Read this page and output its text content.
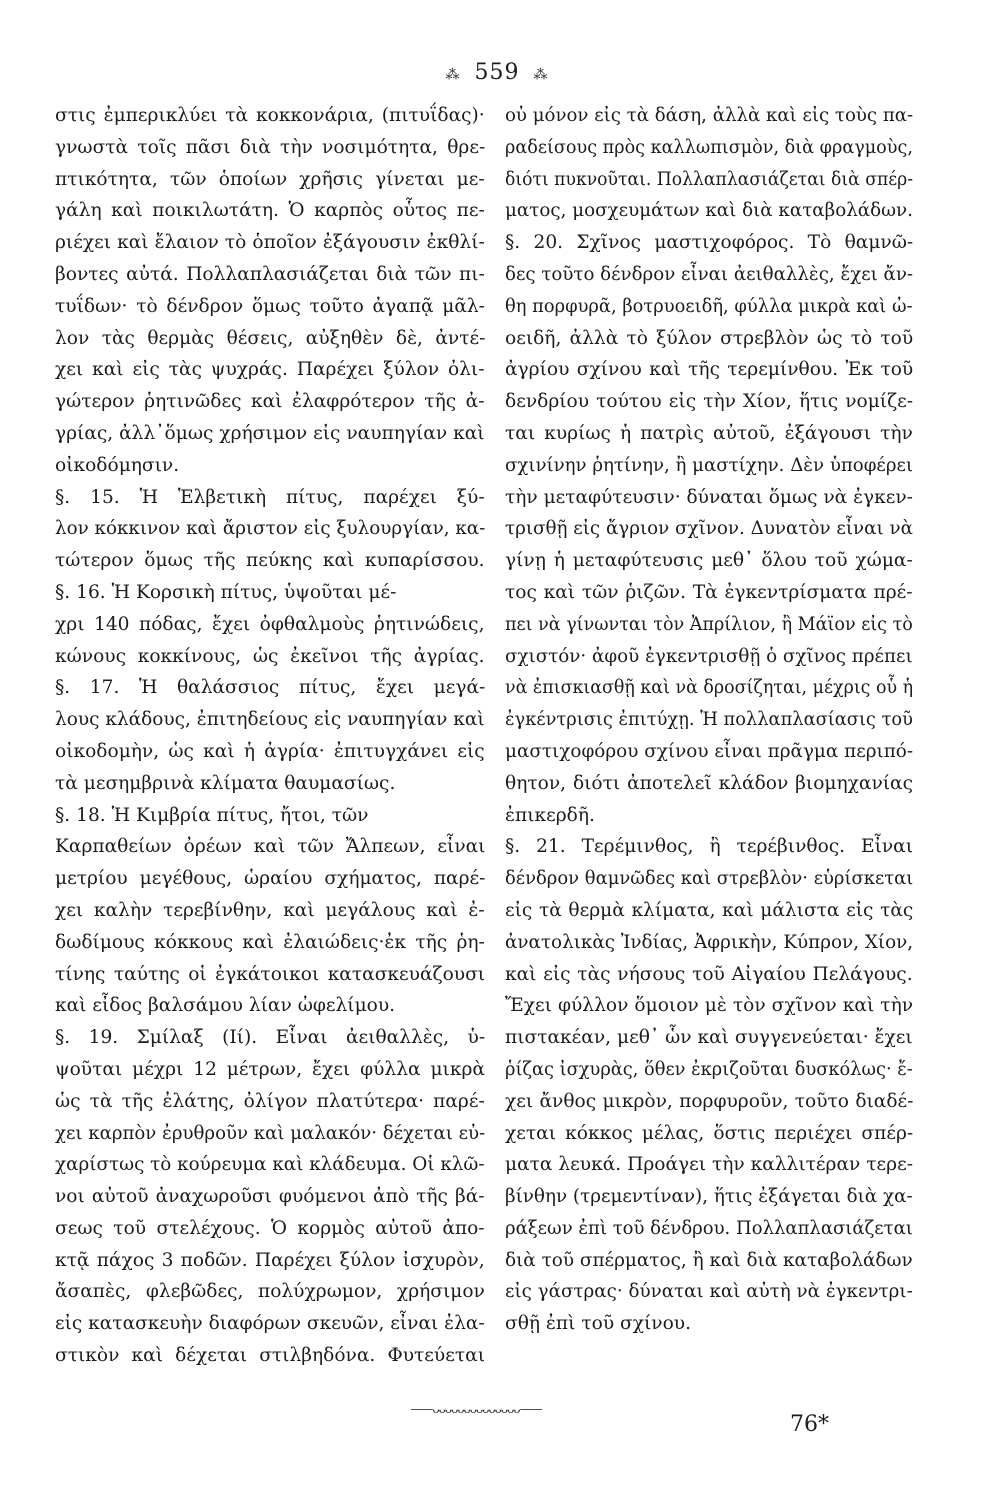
⁂ 559 ⁂
στις ἐμπερικλύει τὰ κοκκονάρια, (πιτυΐδας)·
γνωστὰ τοῖς πᾶσι διὰ τὴν νοσιμότητα, θρε-
πτικότητα, τῶν ὁποίων χρῆσις γίνεται με-
γάλη καὶ ποικιλωτάτη. Ὁ καρπὸς οὗτος πε-
ριέχει καὶ ἔλαιον τὸ ὁποῖον ἐξάγουσιν ἐκθλί-
βοντες αὐτά. Πολλαπλασιάζεται διὰ τῶν πι-
τυΐδων· τὸ δένδρον ὅμως τοῦτο ἀγαπᾷ μᾶλ-
λον τὰς θερμὰς θέσεις, αὐξηθὲν δὲ, ἀντέ-
χει καὶ εἰς τὰς ψυχράς. Παρέχει ξύλον ὀλι-
γώτερον ῥητινῶδες καὶ ἐλαφρότερον τῆς ἀ-
γρίας, ἀλλ᾽ὅμως χρήσιμον εἰς ναυπηγίαν καὶ
οἰκοδόμησιν.
§. 15. Ἡ Ἑλβετικὴ πίτυς, παρέχει ξύ-
λον κόκκινον καὶ ἄριστον εἰς ξυλουργίαν, κα-
τώτερον ὅμως τῆς πεύκης καὶ κυπαρίσσου.
§. 16. Ἡ Κορσικὴ πίτυς, ὑψοῦται μέ-
χρι 140 πόδας, ἔχει ὀφθαλμοὺς ῥητινώδεις,
κώνους κοκκίνους, ὡς ἐκεῖνοι τῆς ἀγρίας.
§. 17. Ἡ θαλάσσιος πίτυς, ἔχει μεγά-
λους κλάδους, ἐπιτηδείους εἰς ναυπηγίαν καὶ
οἰκοδομὴν, ὡς καὶ ἡ ἀγρία· ἐπιτυγχάνει εἰς
τὰ μεσημβρινὰ κλίματα θαυμασίως.
§. 18. Ἡ Κιμβρία πίτυς, ἤτοι, τῶν
Καρπαθείων ὀρέων καὶ τῶν Ἄλπεων, εἶναι
μετρίου μεγέθους, ὡραίου σχήματος, παρέ-
χει καλὴν τερεβίνθην, καὶ μεγάλους καὶ ἐ-
δωδίμους κόκκους καὶ ἐλαιώδεις·ἐκ τῆς ῥη-
τίνης ταύτης οἱ ἐγκάτοικοι κατασκευάζουσι
καὶ εἶδος βαλσάμου λίαν ὠφελίμου.
§. 19. Σμίλαξ (Iί). Εἶναι ἀειθαλλὲς, ὑ-
ψοῦται μέχρι 12 μέτρων, ἔχει φύλλα μικρὰ
ὡς τὰ τῆς ἐλάτης, ὀλίγον πλατύτερα· παρέ-
χει καρπὸν ἐρυθροῦν καὶ μαλακόν· δέχεται εὐ-
χαρίστως τὸ κούρευμα καὶ κλάδευμα. Οἱ κλῶ-
νοι αὐτοῦ ἀναχωροῦσι φυόμενοι ἀπὸ τῆς βά-
σεως τοῦ στελέχους. Ὁ κορμὸς αὐτοῦ ἀπο-
κτᾷ πάχος 3 ποδῶν. Παρέχει ξύλον ἰσχυρὸν,
ἄσαπὲς, φλεβῶδες, πολύχρωμον, χρήσιμον
εἰς κατασκευὴν διαφόρων σκευῶν, εἶναι ἐλα-
στικὸν καὶ δέχεται στιλβηδόνα. Φυτεύεται
οὐ μόνον εἰς τὰ δάση, ἀλλὰ καὶ εἰς τοὺς πα-
ραδείσους πρὸς καλλωπισμὸν, διὰ φραγμοὺς,
διότι πυκνοῦται. Πολλαπλασιάζεται διὰ σπέρ-
ματος, μοσχευμάτων καὶ διὰ καταβολάδων.
§. 20. Σχῖνος μαστιχοφόρος. Τὸ θαμνῶ-
δες τοῦτο δένδρον εἶναι ἀειθαλλὲς, ἔχει ἄν-
θη πορφυρᾶ, βοτρυοειδῆ, φύλλα μικρὰ καὶ ὠ-
οειδῆ, ἀλλὰ τὸ ξύλον στρεβλὸν ὡς τὸ τοῦ
ἀγρίου σχίνου καὶ τῆς τερεμίνθου. Ἐκ τοῦ
δενδρίου τούτου εἰς τὴν Χίον, ἥτις νομίζε-
ται κυρίως ἡ πατρὶς αὐτοῦ, ἐξάγουσι τὴν
σχινίνην ῥητίνην, ἢ μαστίχην. Δὲν ὑποφέρει
τὴν μεταφύτευσιν· δύναται ὅμως νὰ ἐγκεν-
τρισθῇ εἰς ἄγριον σχῖνον. Δυνατὸν εἶναι νὰ
γίνῃ ἡ μεταφύτευσις μεθ᾽ ὅλου τοῦ χώμα-
τος καὶ τῶν ῥιζῶν. Τὰ ἐγκεντρίσματα πρέ-
πει νὰ γίνωνται τὸν Ἀπρίλιον, ἢ Μάϊον εἰς τὸ
σχιστόν· ἀφοῦ ἐγκεντρισθῇ ὁ σχῖνος πρέπει
νὰ ἐπισκιασθῇ καὶ νὰ δροσίζηται, μέχρις οὗ ἡ
ἐγκέντρισις ἐπιτύχῃ. Ἡ πολλαπλασίασις τοῦ
μαστιχοφόρου σχίνου εἶναι πρᾶγμα περιπό-
θητον, διότι ἀποτελεῖ κλάδον βιομηχανίας
ἐπικερδῆ.
§. 21. Τερέμινθος, ἢ τερέβινθος. Εἶναι
δένδρον θαμνῶδες καὶ στρεβλὸν· εὑρίσκεται
εἰς τὰ θερμὰ κλίματα, καὶ μάλιστα εἰς τὰς
ἀνατολικὰς Ἰνδίας, Ἀφρικὴν, Κύπρον, Χίον,
καὶ εἰς τὰς νήσους τοῦ Αἰγαίου Πελάγους.
Ἔχει φύλλον ὅμοιον μὲ τὸν σχῖνον καὶ τὴν
πιστακέαν, μεθ᾽ ὧν καὶ συγγενεύεται· ἔχει
ῥίζας ἰσχυρὰς, ὅθεν ἐκριζοῦται δυσκόλως· ἔ-
χει ἄνθος μικρὸν, πορφυροῦν, τοῦτο διαδέ-
χεται κόκκος μέλας, ὅστις περιέχει σπέρ-
ματα λευκά. Προάγει τὴν καλλιτέραν τερε-
βίνθην (τρεμεντίναν), ἥτις ἐξάγεται διὰ χα-
ράξεων ἐπὶ τοῦ δένδρου. Πολλαπλασιάζεται
διὰ τοῦ σπέρματος, ἢ καὶ διὰ καταβολάδων
εἰς γάστρας· δύναται καὶ αὐτὴ νὰ ἐγκεντρι-
σθῇ ἐπὶ τοῦ σχίνου.
——ᴗᴗᴗᴗᴗᴗᴗᴗᴗᴗᴗᴗᴗᴗ——
76*
